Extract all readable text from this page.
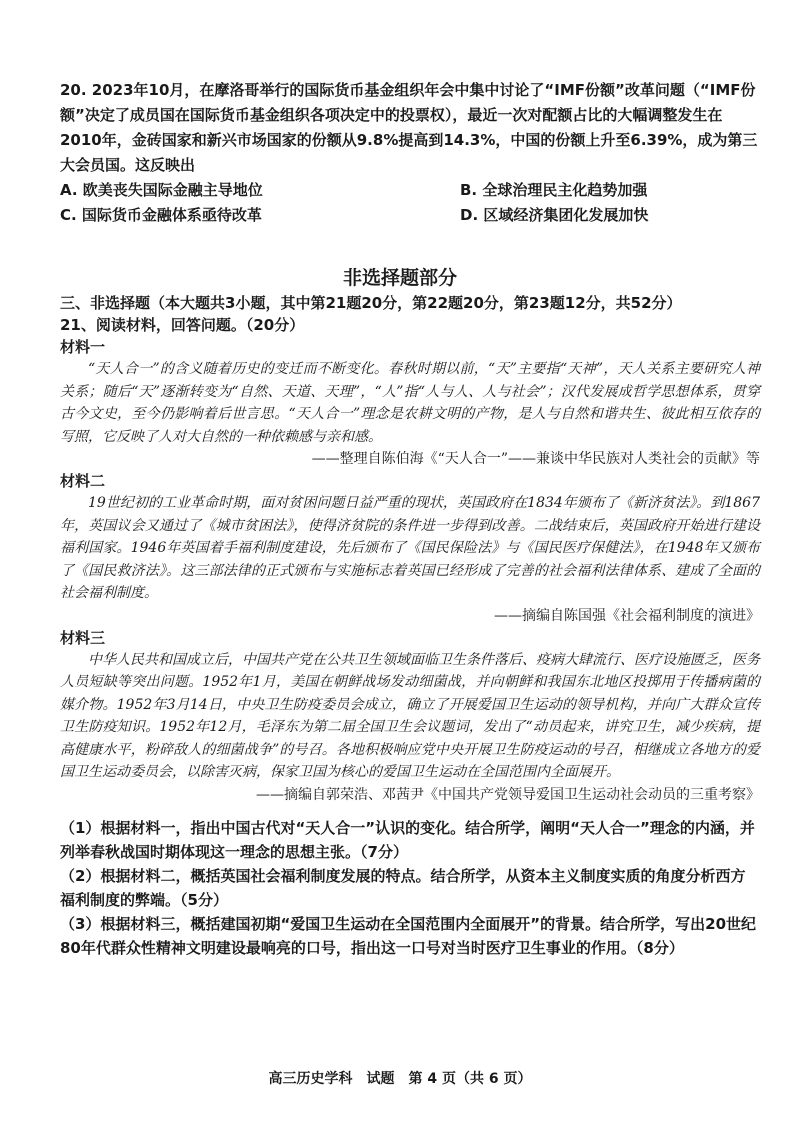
20. 2023年10月，在摩洛哥举行的国际货币基金组织年会中集中讨论了“IMF份额”改革问题（“IMF份额”决定了成员国在国际货币基金组织各项决定中的投票权），最近一次对配额占比的大幅调整发生在2010年，金砖国家和新兴市场国家的份额从9.8%提高到14.3%，中国的份额上升至6.39%，成为第三大会员国。这反映出

A. 欧美丧失国际金融主导地位	B. 全球治理民主化趋势加强
C. 国际货币金融体系亟待改革	D. 区域经济集团化发展加快
非选择题部分
三、非选择题（本大题共3小题，其中第21题20分，第22题20分，第23题12分，共52分）
21、阅读材料，回答问题。（20分）
材料一

“天人合一”的含义随着历史的变迁而不断变化。春秋时期以前，“天”主要指“天神”，天人关系主要研究人神关系；随后“天”逐渐转变为“自然、天道、天理”，“人”指“人与人、人与社会”；汉代发展成哲学思想体系，贯穿古今文史，至今仍影响着后世言思。“天人合一”理念是农耕文明的产物，是人与自然和谐共生、彼此相互依存的写照，它反映了人对大自然的一种依赖感与亲和感。

——整理自陈伯海《“天人合一”——兼谈中华民族对人类社会的贡献》等
材料二

19世纪初的工业革命时期，面对贫困问题日益严重的现状，英国政府在1834年颁布了《新济贫法》。到1867年，英国议会又通过了《城市贫困法》，使得济贫院的条件进一步得到改善。二战结束后，英国政府开始进行建设福利国家。1946年英国着手福利制度建设，先后颁布了《国民保险法》与《国民医疗保健法》，在1948年又颁布了《国民救济法》。这三部法律的正式颁布与实施标志着英国已经形成了完善的社会福利法律体系、建成了全面的社会福利制度。

——摘编自陈国强《社会福利制度的演进》
材料三

中华人民共和国成立后，中国共产党在公共卫生领域面临卫生条件落后、疫病大肆流行、医疗设施匮乏，医务人员短缺等突出问题。1952年1月，美国在朝鲜战场发动细菌战，并向朝鲜和我国东北地区投掷用于传播病菌的媒介物。1952年3月14日，中央卫生防疫委员会成立，确立了开展爱国卫生运动的领导机构，并向广大群众宣传卫生防疫知识。1952年12月，毛泽东为第二届全国卫生会议题词，发出了“动员起来，讲究卫生，减少疾病，提高健康水平，粉碎敌人的细菌战争”的号召。各地积极响应党中央开展卫生防疫运动的号召，相继成立各地方的爱国卫生运动委员会，以除害灭病，保家卫国为核心的爱国卫生运动在全国范围内全面展开。

——摘编自郭荣浩、邓茜尹《中国共产党领导爱国卫生运动社会动员的三重考察》

（1）根据材料一，指出中国古代对“天人合一”认识的变化。结合所学，阐明“天人合一”理念的内涵，并列举春秋战国时期体现这一理念的思想主张。（7分）

（2）根据材料二，概括英国社会福利制度发展的特点。结合所学，从资本主义制度实质的角度分析西方福利制度的弊端。（5分）

（3）根据材料三，概括建国初期“爱国卫生运动在全国范围内全面展开”的背景。结合所学，写出20世纪80年代群众性精神文明建设最响亮的口号，指出这一口号对当时医疗卫生事业的作用。（8分）

高三历史学科　试题　第 4 页（共 6 页）
